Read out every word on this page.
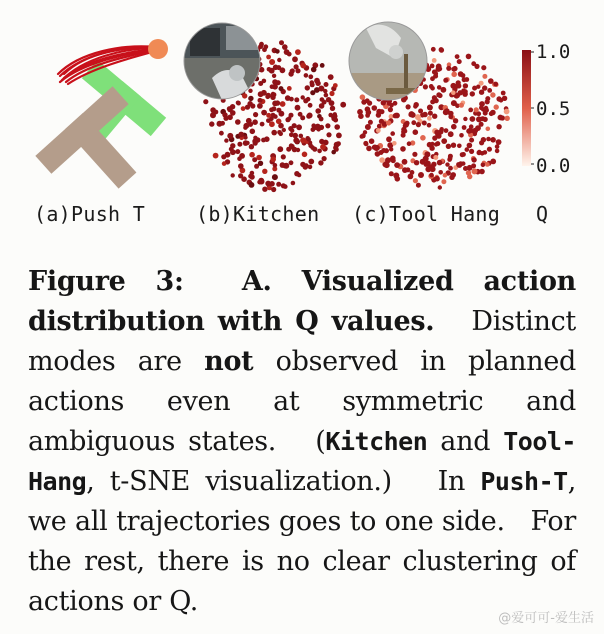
1.0
0.5
0.0
(a)Push T	(b)Kitchen (c)Tool Hang Q
Figure 3: A. Visualized action distribution with Q values. Distinct modes are not observed in planned actions even at symmetric and ambiguous states. (Kitchen and Tool-Hang, t-SNE visualization.) In Push-T, we all trajectories goes to one side. For the rest, there is no clear clustering of actions or Q.
@爱可可-爱生活
